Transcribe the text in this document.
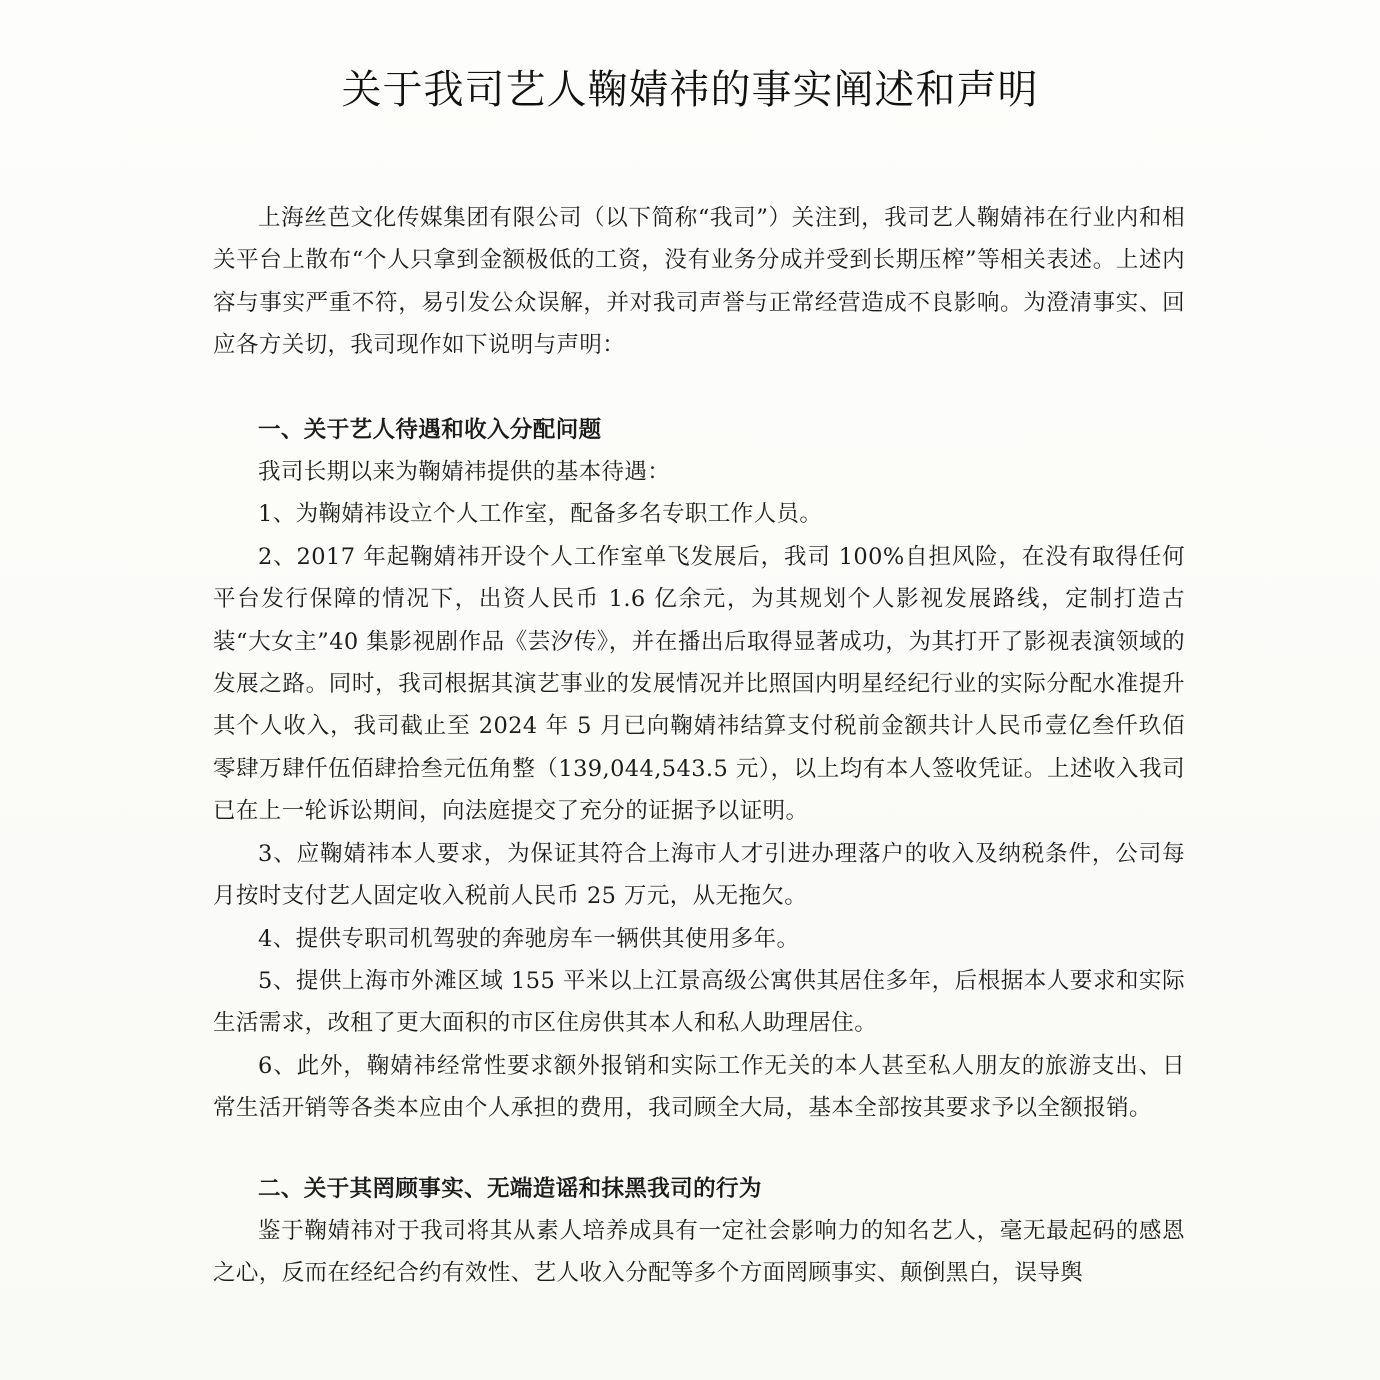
关于我司艺人鞠婧祎的事实阐述和声明

上海丝芭文化传媒集团有限公司（以下简称“我司”）关注到，我司艺人鞠婧祎在行业内和相关平台上散布“个人只拿到金额极低的工资，没有业务分成并受到长期压榨”等相关表述。上述内容与事实严重不符，易引发公众误解，并对我司声誉与正常经营造成不良影响。为澄清事实、回应各方关切，我司现作如下说明与声明：

一、关于艺人待遇和收入分配问题

我司长期以来为鞠婧祎提供的基本待遇：

1、为鞠婧祎设立个人工作室，配备多名专职工作人员。

2、2017 年起鞠婧祎开设个人工作室单飞发展后，我司 100%自担风险，在没有取得任何平台发行保障的情况下，出资人民币 1.6 亿余元，为其规划个人影视发展路线，定制打造古装“大女主”40 集影视剧作品《芸汐传》，并在播出后取得显著成功，为其打开了影视表演领域的发展之路。同时，我司根据其演艺事业的发展情况并比照国内明星经纪行业的实际分配水准提升其个人收入，我司截止至 2024 年 5 月已向鞠婧祎结算支付税前金额共计人民币壹亿叁仟玖佰零肆万肆仟伍佰肆拾叁元伍角整（139,044,543.5 元），以上均有本人签收凭证。上述收入我司已在上一轮诉讼期间，向法庭提交了充分的证据予以证明。

3、应鞠婧祎本人要求，为保证其符合上海市人才引进办理落户的收入及纳税条件，公司每月按时支付艺人固定收入税前人民币 25 万元，从无拖欠。

4、提供专职司机驾驶的奔驰房车一辆供其使用多年。

5、提供上海市外滩区域 155 平米以上江景高级公寓供其居住多年，后根据本人要求和实际生活需求，改租了更大面积的市区住房供其本人和私人助理居住。

6、此外，鞠婧祎经常性要求额外报销和实际工作无关的本人甚至私人朋友的旅游支出、日常生活开销等各类本应由个人承担的费用，我司顾全大局，基本全部按其要求予以全额报销。

二、关于其罔顾事实、无端造谣和抹黑我司的行为

鉴于鞠婧祎对于我司将其从素人培养成具有一定社会影响力的知名艺人，毫无最起码的感恩之心，反而在经纪合约有效性、艺人收入分配等多个方面罔顾事实、颠倒黑白，误导舆
